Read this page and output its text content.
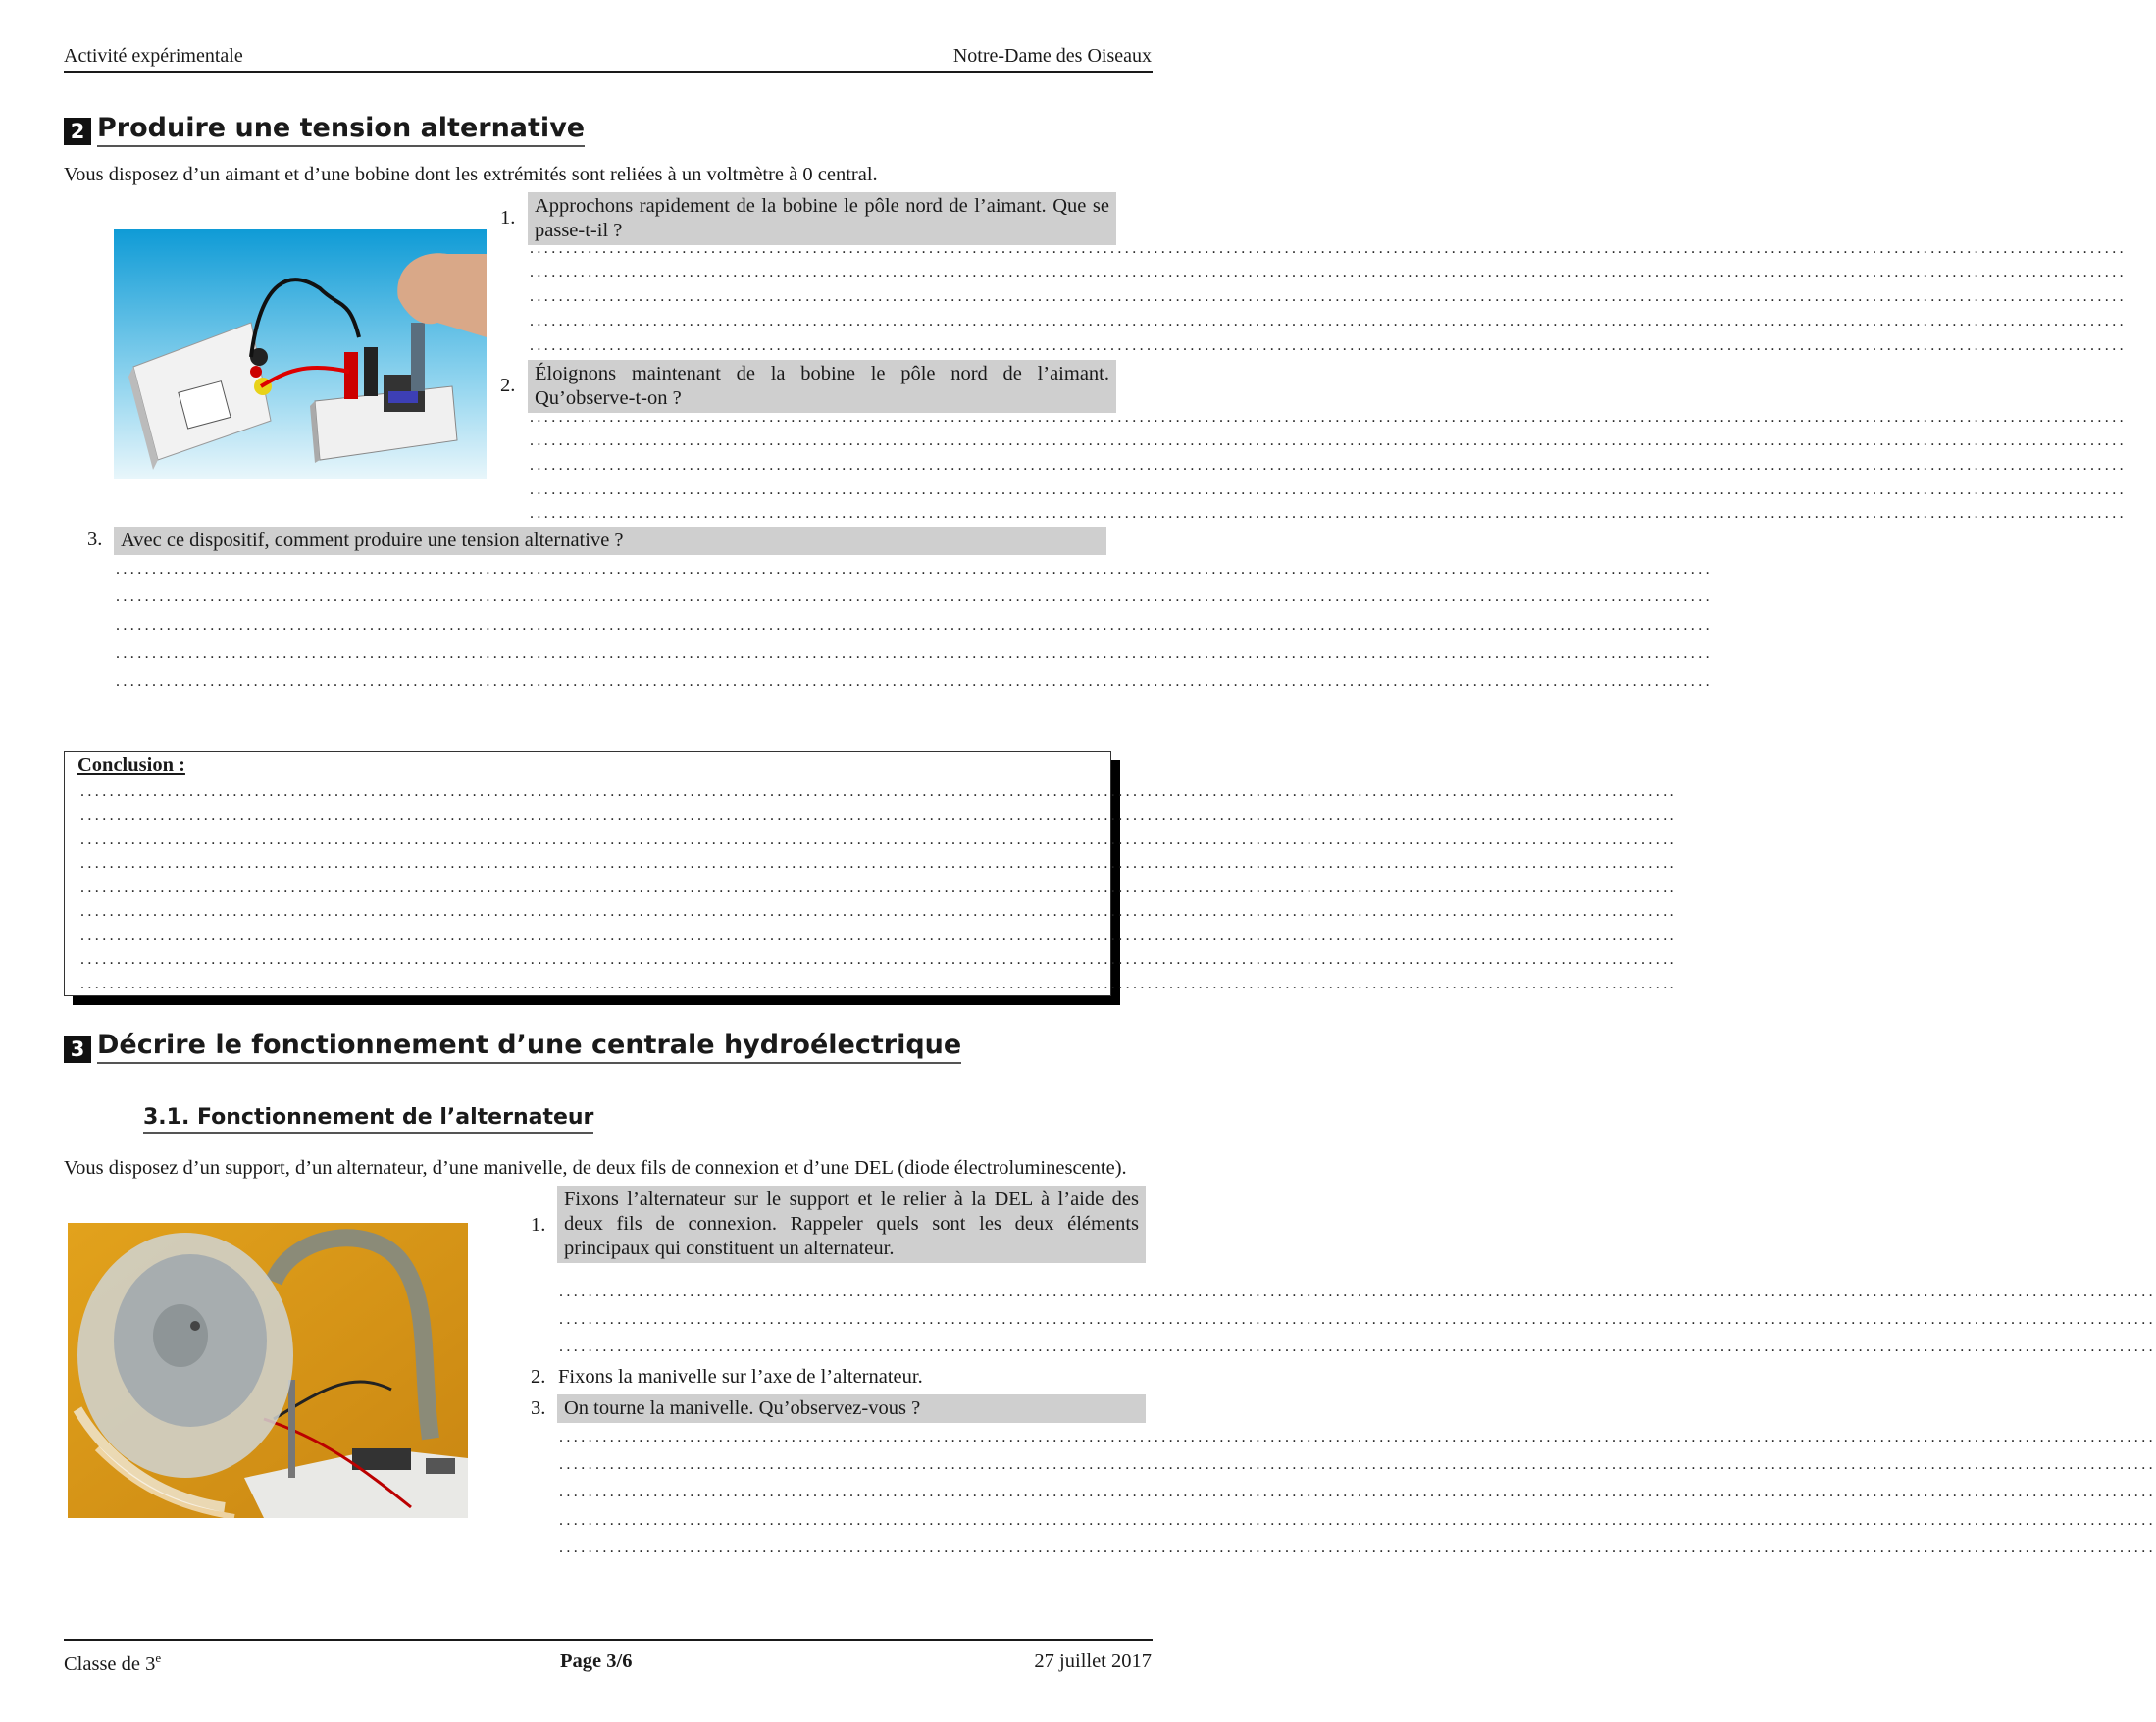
Activité expérimentale	Notre-Dame des Oiseaux
2 Produire une tension alternative
Vous disposez d’un aimant et d’une bobine dont les extrémités sont reliées à un voltmètre à 0 central.
1.
Approchons rapidement de la bobine le pôle nord de l’aimant. Que se passe-t-il ?
............................................................................................................................................................................................................................
............................................................................................................................................................................................................................
............................................................................................................................................................................................................................
............................................................................................................................................................................................................................
............................................................................................................................................................................................................................
2.
Éloignons maintenant de la bobine le pôle nord de l’aimant. Qu’observe-t-on ?
............................................................................................................................................................................................................................
............................................................................................................................................................................................................................
............................................................................................................................................................................................................................
............................................................................................................................................................................................................................
............................................................................................................................................................................................................................
3. Avec ce dispositif, comment produire une tension alternative ?
............................................................................................................................................................................................................................
............................................................................................................................................................................................................................
............................................................................................................................................................................................................................
............................................................................................................................................................................................................................
............................................................................................................................................................................................................................
Conclusion :
............................................................................................................................................................................................................................
............................................................................................................................................................................................................................
............................................................................................................................................................................................................................
............................................................................................................................................................................................................................
............................................................................................................................................................................................................................
............................................................................................................................................................................................................................
............................................................................................................................................................................................................................
............................................................................................................................................................................................................................
............................................................................................................................................................................................................................
3 Décrire le fonctionnement d’une centrale hydroélectrique
3.1. Fonctionnement de l’alternateur
Vous disposez d’un support, d’un alternateur, d’une manivelle, de deux fils de connexion et d’une DEL (diode électroluminescente).
1.
Fixons l’alternateur sur le support et le relier à la DEL à l’aide des deux fils de connexion. Rappeler quels sont les deux éléments principaux qui constituent un alternateur.
............................................................................................................................................................................................................................
............................................................................................................................................................................................................................
............................................................................................................................................................................................................................
2. Fixons la manivelle sur l’axe de l’alternateur.
3. On tourne la manivelle. Qu’observez-vous ?
............................................................................................................................................................................................................................
............................................................................................................................................................................................................................
............................................................................................................................................................................................................................
............................................................................................................................................................................................................................
............................................................................................................................................................................................................................
Classe de 3e	Page 3/6	27 juillet 2017
